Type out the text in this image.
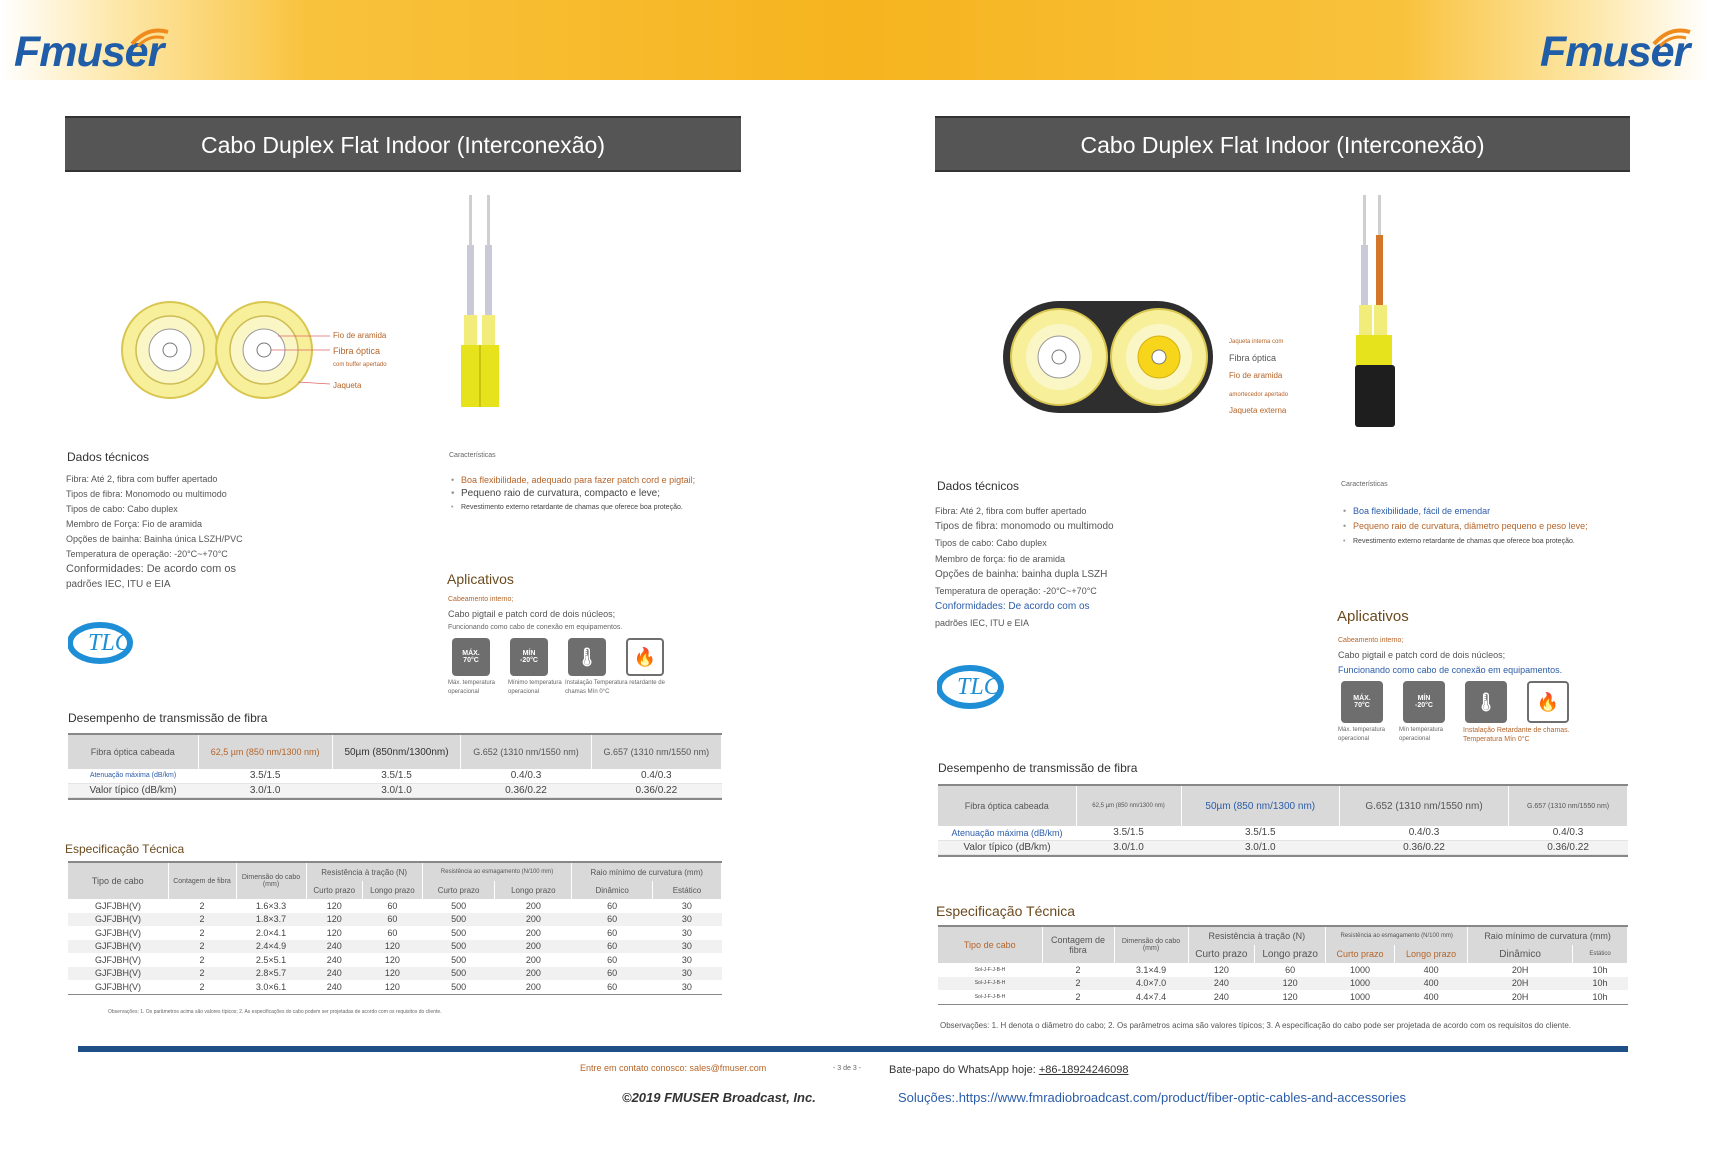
Fmuser	Fmuser
Cabo Duplex Flat Indoor (Interconexão)
Fio de aramida
Fibra óptica
com buffer apertado
Jaqueta
Dados técnicos
Fibra: Até 2, fibra com buffer apertado
Tipos de fibra: Monomodo ou multimodo
Tipos de cabo: Cabo duplex
Membro de Força: Fio de aramida
Opções de bainha: Bainha única LSZH/PVC
Temperatura de operação: -20°C~+70°C
Conformidades: De acordo com os
padrões IEC, ITU e EIA
Características
• Boa flexibilidade, adequado para fazer patch cord e pigtail;
• Pequeno raio de curvatura, compacto e leve;
• Revestimento externo retardante de chamas que oferece boa proteção.
Aplicativos
Cabeamento interno;
Cabo pigtail e patch cord de dois núcleos;
Funcionando como cabo de conexão em equipamentos.
MÁX.
70°C
MÍN
-20°C 🌡 🔥
Máx. temperatura operacional
Mínimo temperatura operacional
Instalação Temperatura retardante de chamas Mín 0°C
TLC
Desempenho de transmissão de fibra
Fibra óptica cabeada	62,5 µm (850 nm/1300 nm)	50µm (850nm/1300nm)	G.652 (1310 nm/1550 nm)	G.657 (1310 nm/1550 nm)
Atenuação máxima (dB/km)	3.5/1.5	3.5/1.5	0.4/0.3	0.4/0.3
Valor típico (dB/km)	3.0/1.0	3.0/1.0	0.36/0.22	0.36/0.22
Especificação Técnica
Tipo de cabo	Contagem de fibra	Dimensão do cabo (mm)	Resistência à tração (N)		Resistência ao esmagamento (N/100 mm)		Raio mínimo de curvatura (mm)	
			Curto prazo	Longo prazo	Curto prazo	Longo prazo	Dinâmico	Estático
GJFJBH(V)	2	1.6×3.3	120	60	500	200	60	30
GJFJBH(V)	2	1.8×3.7	120	60	500	200	60	30
GJFJBH(V)	2	2.0×4.1	120	60	500	200	60	30
GJFJBH(V)	2	2.4×4.9	240	120	500	200	60	30
GJFJBH(V)	2	2.5×5.1	240	120	500	200	60	30
GJFJBH(V)	2	2.8×5.7	240	120	500	200	60	30
GJFJBH(V)	2	3.0×6.1	240	120	500	200	60	30
Observações: 1. Os parâmetros acima são valores típicos; 2. As especificações do cabo podem ser projetadas de acordo com os requisitos do cliente.
Cabo Duplex Flat Indoor (Interconexão)
Jaqueta interna com
Fibra óptica
Fio de aramida
amortecedor apertado
Jaqueta externa
Dados técnicos
Fibra: Até 2, fibra com buffer apertado
Tipos de fibra: monomodo ou multimodo
Tipos de cabo: Cabo duplex
Membro de força: fio de aramida
Opções de bainha: bainha dupla LSZH
Temperatura de operação: -20°C~+70°C
Conformidades: De acordo com os
padrões IEC, ITU e EIA
Características
• Boa flexibilidade, fácil de emendar
• Pequeno raio de curvatura, diâmetro pequeno e peso leve;
• Revestimento externo retardante de chamas que oferece boa proteção.
Aplicativos
Cabeamento interno;
Cabo pigtail e patch cord de dois núcleos;
Funcionando como cabo de conexão em equipamentos.
MÁX.
70°C
MÍN
-20°C 🌡 🔥
Máx. temperatura operacional
Mín temperatura operacional
Instalação Retardante de chamas. Temperatura Mín 0°C
TLC
Desempenho de transmissão de fibra
Fibra óptica cabeada	62,5 µm (850 nm/1300 nm)	50µm (850 nm/1300 nm)	G.652 (1310 nm/1550 nm)	G.657 (1310 nm/1550 nm)
Atenuação máxima (dB/km)	3.5/1.5	3.5/1.5	0.4/0.3	0.4/0.3
Valor típico (dB/km)	3.0/1.0	3.0/1.0	0.36/0.22	0.36/0.22
Especificação Técnica
Tipo de cabo	Contagem de fibra	Dimensão do cabo (mm)	Resistência à tração (N)		Resistência ao esmagamento (N/100 mm)		Raio mínimo de curvatura (mm)	
			Curto prazo	Longo prazo	Curto prazo	Longo prazo	Dinâmico	Estático
Sol-J-F-J-B-H	2	3.1×4.9	120	60	1000	400	20H	10h
Sol-J-F-J-B-H	2	4.0×7.0	240	120	1000	400	20H	10h
Sol-J-F-J-B-H	2	4.4×7.4	240	120	1000	400	20H	10h
Observações: 1. H denota o diâmetro do cabo; 2. Os parâmetros acima são valores típicos; 3. A especificação do cabo pode ser projetada de acordo com os requisitos do cliente.
Entre em contato conosco: sales@fmuser.com	- 3 de 3 -	Bate-papo do WhatsApp hoje: +86-18924246098
©2019 FMUSER Broadcast, Inc.	Soluções:.https://www.fmradiobroadcast.com/product/fiber-optic-cables-and-accessories
